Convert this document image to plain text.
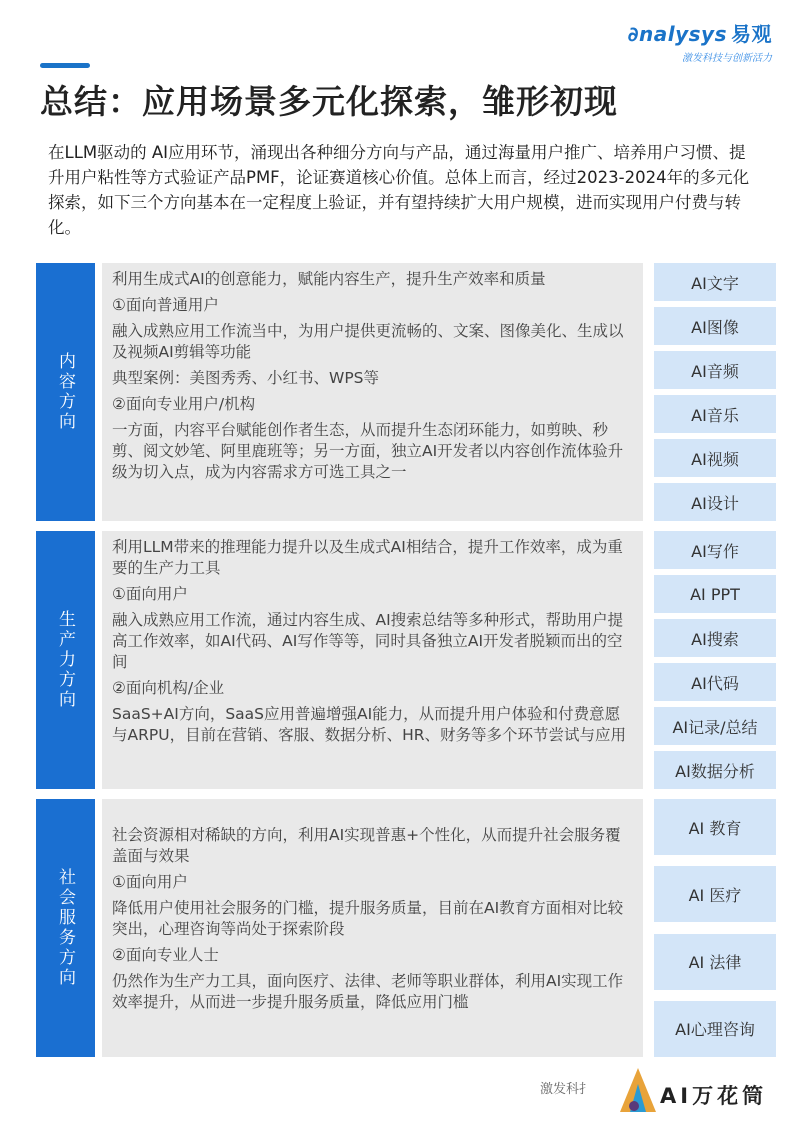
∂nalysys 易观
激发科技与创新活力
总结：应用场景多元化探索，雏形初现
在LLM驱动的 AI应用环节，涌现出各种细分方向与产品，通过海量用户推广、培养用户习惯、提升用户粘性等方式验证产品PMF，论证赛道核心价值。总体上而言，经过2023-2024年的多元化探索，如下三个方向基本在一定程度上验证，并有望持续扩大用户规模，进而实现用户付费与转化。
内容方向

利用生成式AI的创意能力，赋能内容生产，提升生产效率和质量

①面向普通用户

融入成熟应用工作流当中，为用户提供更流畅的、文案、图像美化、生成以及视频AI剪辑等功能

典型案例：美图秀秀、小红书、WPS等

②面向专业用户/机构

一方面，内容平台赋能创作者生态，从而提升生态闭环能力，如剪映、秒剪、阅文妙笔、阿里鹿班等；另一方面，独立AI开发者以内容创作流体验升级为切入点，成为内容需求方可选工具之一

AI文字
AI图像
AI音频
AI音乐
AI视频
AI设计
生产力方向

利用LLM带来的推理能力提升以及生成式AI相结合，提升工作效率，成为重要的生产力工具

①面向用户

融入成熟应用工作流，通过内容生成、AI搜索总结等多种形式，帮助用户提高工作效率，如AI代码、AI写作等等，同时具备独立AI开发者脱颖而出的空间

②面向机构/企业

SaaS+AI方向，SaaS应用普遍增强AI能力，从而提升用户体验和付费意愿与ARPU，目前在营销、客服、数据分析、HR、财务等多个环节尝试与应用

AI写作
AI PPT
AI搜索
AI代码
AI记录/总结
AI数据分析
社会服务方向

社会资源相对稀缺的方向，利用AI实现普惠+个性化，从而提升社会服务覆盖面与效果

①面向用户

降低用户使用社会服务的门槛，提升服务质量，目前在AI教育方面相对比较突出，心理咨询等尚处于探索阶段

②面向专业人士

仍然作为生产力工具，面向医疗、法律、老师等职业群体，利用AI实现工作效率提升，从而进一步提升服务质量，降低应用门槛

AI 教育
AI 医疗
AI 法律
AI心理咨询
激发科扌	AI万花筒
